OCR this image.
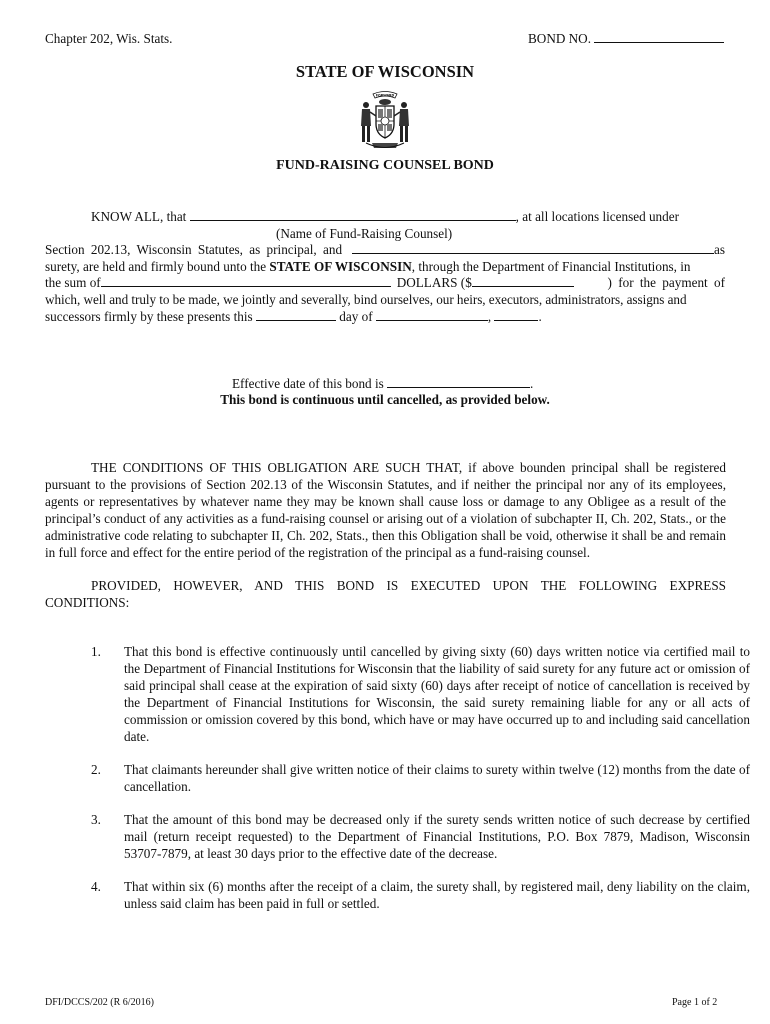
Chapter 202, Wis. Stats.	BOND NO.
STATE OF WISCONSIN
FORWARD
FUND-RAISING COUNSEL BOND
KNOW ALL, that	, at all locations licensed under
(Name of Fund-Raising Counsel)
Section 202.13, Wisconsin Statutes, as principal, and	as
surety, are held and firmly bound unto the STATE OF WISCONSIN, through the Department of Financial Institutions, in
the sum of	DOLLARS ($	) for the payment of
which, well and truly to be made, we jointly and severally, bind ourselves, our heirs, executors, administrators, assigns and
successors firmly by these presents this	day of	,	.
Effective date of this bond is	.
This bond is continuous until cancelled, as provided below.
THE CONDITIONS OF THIS OBLIGATION ARE SUCH THAT, if above bounden principal shall be registered pursuant to the provisions of Section 202.13 of the Wisconsin Statutes, and if neither the principal nor any of its employees, agents or representatives by whatever name they may be known shall cause loss or damage to any Obligee as a result of the principal’s conduct of any activities as a fund-raising counsel or arising out of a violation of subchapter II, Ch. 202, Stats., or the administrative code relating to subchapter II, Ch. 202, Stats., then this Obligation shall be void, otherwise it shall be and remain in full force and effect for the entire period of the registration of the principal as a fund-raising counsel.
PROVIDED, HOWEVER, AND THIS BOND IS EXECUTED UPON THE FOLLOWING EXPRESS CONDITIONS:
1. That this bond is effective continuously until cancelled by giving sixty (60) days written notice via certified mail to the Department of Financial Institutions for Wisconsin that the liability of said surety for any future act or omission of said principal shall cease at the expiration of said sixty (60) days after receipt of notice of cancellation is received by the Department of Financial Institutions for Wisconsin, the said surety remaining liable for any or all acts of commission or omission covered by this bond, which have or may have occurred up to and including said cancellation date.
2. That claimants hereunder shall give written notice of their claims to surety within twelve (12) months from the date of cancellation.
3. That the amount of this bond may be decreased only if the surety sends written notice of such decrease by certified mail (return receipt requested) to the Department of Financial Institutions, P.O. Box 7879, Madison, Wisconsin 53707-7879, at least 30 days prior to the effective date of the decrease.
4. That within six (6) months after the receipt of a claim, the surety shall, by registered mail, deny liability on the claim, unless said claim has been paid in full or settled.
DFI/DCCS/202 (R 6/2016)	Page 1 of 2
